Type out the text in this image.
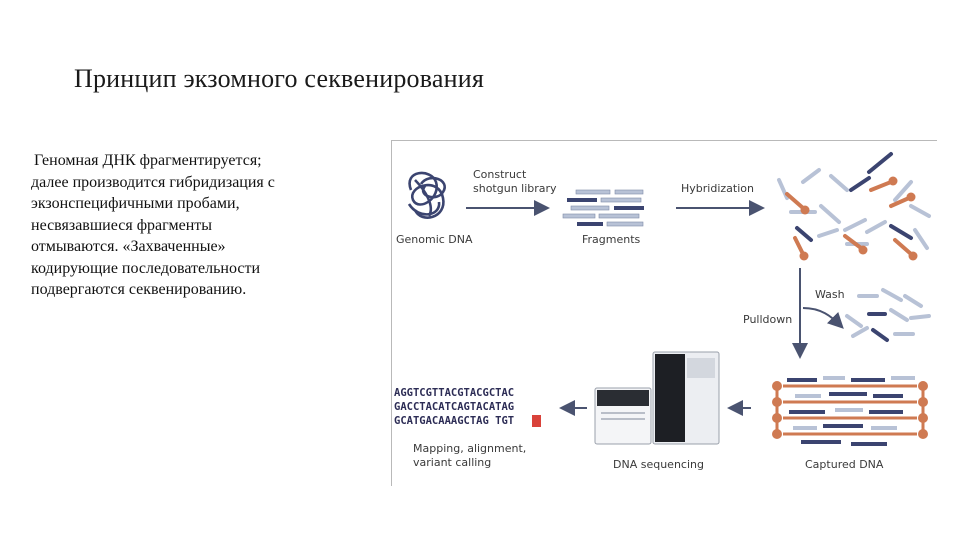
Принцип экзомного секвенирования
Геномная ДНК фрагментируется;
далее производится гибридизация с
экзонспецифичными пробами,
несвязавшиеся фрагменты
отмываются. «Захваченные»
кодирующие последовательности
подвергаются секвенированию.
Genomic DNA
Construct
shotgun library
Fragments
Hybridization
Pulldown
Wash
Captured DNA
DNA sequencing
AGGTCGTTACGTACGCTAC
GACCTACATCAGTACATAG
GCATGACAAAGCTAGGTGT
Mapping, alignment,
variant calling
